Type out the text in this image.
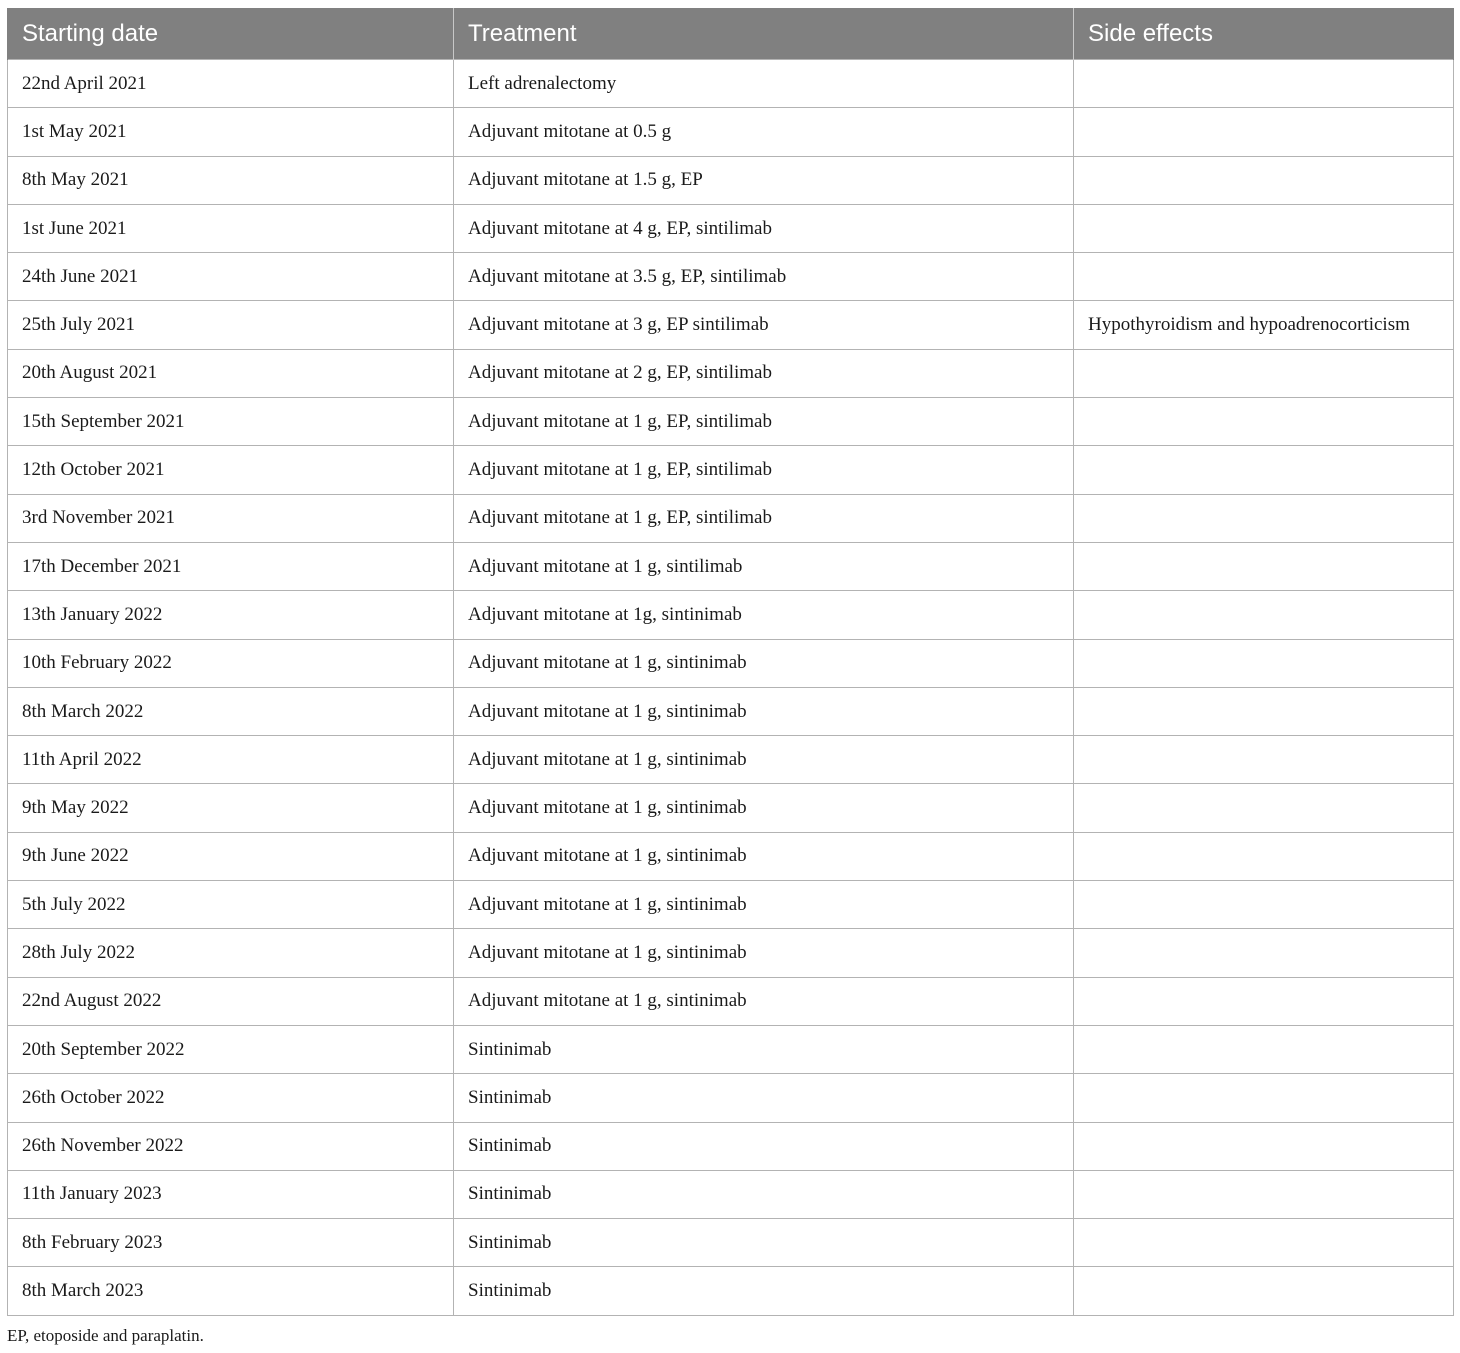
Starting date	Treatment	Side effects
22nd April 2021	Left adrenalectomy	
1st May 2021	Adjuvant mitotane at 0.5 g	
8th May 2021	Adjuvant mitotane at 1.5 g, EP	
1st June 2021	Adjuvant mitotane at 4 g, EP, sintilimab	
24th June 2021	Adjuvant mitotane at 3.5 g, EP, sintilimab	
25th July 2021	Adjuvant mitotane at 3 g, EP sintilimab	Hypothyroidism and hypoadrenocorticism
20th August 2021	Adjuvant mitotane at 2 g, EP, sintilimab	
15th September 2021	Adjuvant mitotane at 1 g, EP, sintilimab	
12th October 2021	Adjuvant mitotane at 1 g, EP, sintilimab	
3rd November 2021	Adjuvant mitotane at 1 g, EP, sintilimab	
17th December 2021	Adjuvant mitotane at 1 g, sintilimab	
13th January 2022	Adjuvant mitotane at 1g, sintinimab	
10th February 2022	Adjuvant mitotane at 1 g, sintinimab	
8th March 2022	Adjuvant mitotane at 1 g, sintinimab	
11th April 2022	Adjuvant mitotane at 1 g, sintinimab	
9th May 2022	Adjuvant mitotane at 1 g, sintinimab	
9th June 2022	Adjuvant mitotane at 1 g, sintinimab	
5th July 2022	Adjuvant mitotane at 1 g, sintinimab	
28th July 2022	Adjuvant mitotane at 1 g, sintinimab	
22nd August 2022	Adjuvant mitotane at 1 g, sintinimab	
20th September 2022	Sintinimab	
26th October 2022	Sintinimab	
26th November 2022	Sintinimab	
11th January 2023	Sintinimab	
8th February 2023	Sintinimab	
8th March 2023	Sintinimab	
EP, etoposide and paraplatin.
